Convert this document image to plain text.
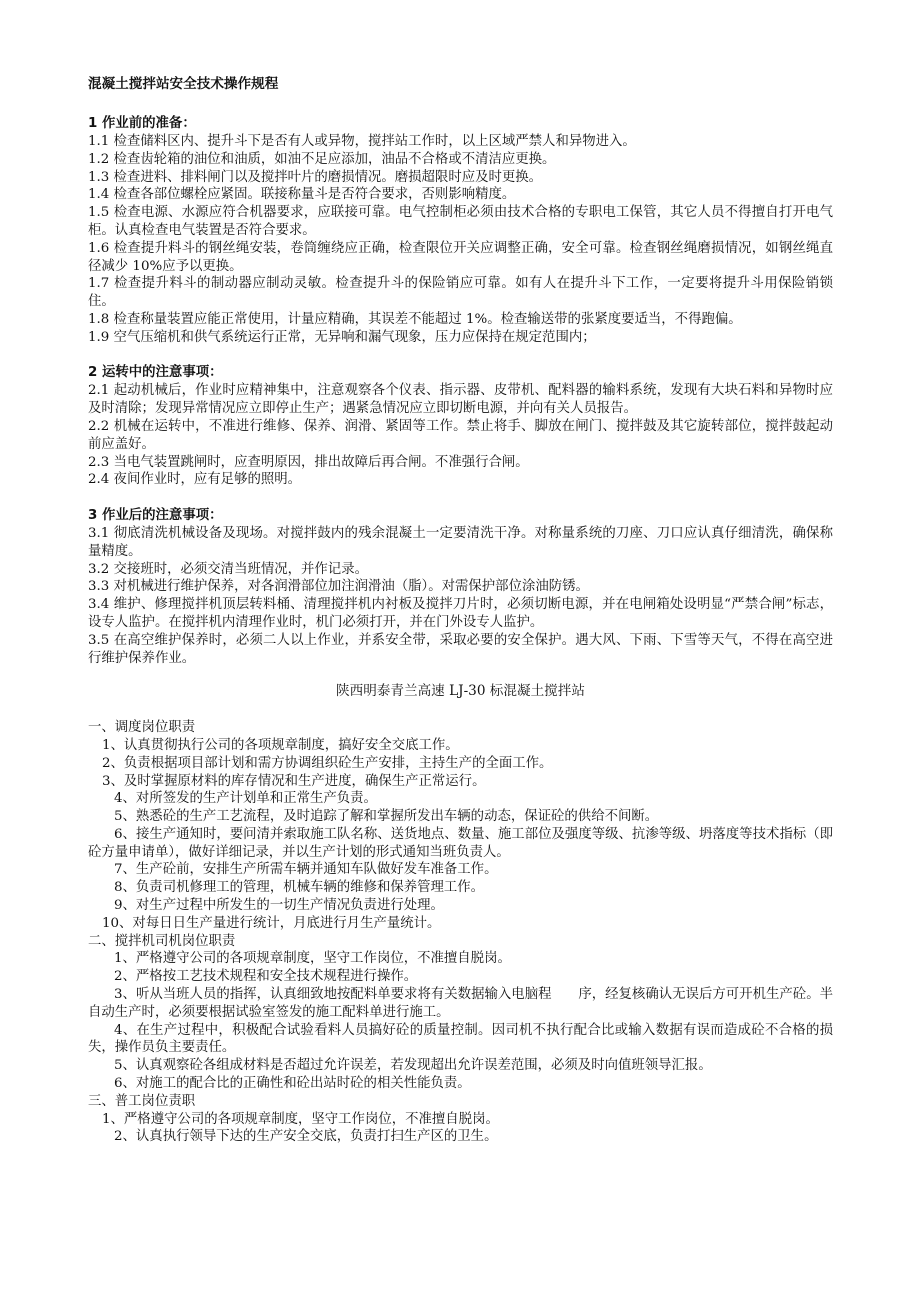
混凝土搅拌站安全技术操作规程
1 作业前的准备：

1.1 检查储料区内、提升斗下是否有人或异物，搅拌站工作时，以上区域严禁人和异物进入。

1.2 检查齿轮箱的油位和油质，如油不足应添加，油品不合格或不清洁应更换。

1.3 检查进料、排料闸门以及搅拌叶片的磨损情况。磨损超限时应及时更换。

1.4 检查各部位螺栓应紧固。联接称量斗是否符合要求，否则影响精度。

1.5 检查电源、水源应符合机器要求，应联接可靠。电气控制柜必须由技术合格的专职电工保管，其它人员不得擅自打开电气柜。认真检查电气装置是否符合要求。

1.6 检查提升料斗的钢丝绳安装，卷筒缠绕应正确，检查限位开关应调整正确，安全可靠。检查钢丝绳磨损情况，如钢丝绳直径减少 10%应予以更换。

1.7 检查提升料斗的制动器应制动灵敏。检查提升斗的保险销应可靠。如有人在提升斗下工作，一定要将提升斗用保险销锁住。

1.8 检查称量装置应能正常使用，计量应精确，其误差不能超过 1%。检查输送带的张紧度要适当，不得跑偏。

1.9 空气压缩机和供气系统运行正常，无异响和漏气现象，压力应保持在规定范围内；

2 运转中的注意事项：

2.1 起动机械后，作业时应精神集中，注意观察各个仪表、指示器、皮带机、配料器的输料系统，发现有大块石料和异物时应及时清除；发现异常情况应立即停止生产；遇紧急情况应立即切断电源，并向有关人员报告。

2.2 机械在运转中，不准进行维修、保养、润滑、紧固等工作。禁止将手、脚放在闸门、搅拌鼓及其它旋转部位，搅拌鼓起动前应盖好。

2.3 当电气装置跳闸时，应查明原因，排出故障后再合闸。不准强行合闸。

2.4 夜间作业时，应有足够的照明。

3 作业后的注意事项：

3.1 彻底清洗机械设备及现场。对搅拌鼓内的残余混凝土一定要清洗干净。对称量系统的刀座、刀口应认真仔细清洗，确保称量精度。

3.2 交接班时，必须交清当班情况，并作记录。

3.3 对机械进行维护保养，对各润滑部位加注润滑油（脂）。对需保护部位涂油防锈。

3.4 维护、修理搅拌机顶层转料桶、清理搅拌机内衬板及搅拌刀片时，必须切断电源，并在电闸箱处设明显“严禁合闸”标志，设专人监护。在搅拌机内清理作业时，机门必须打开，并在门外设专人监护。

3.5 在高空维护保养时，必须二人以上作业，并系安全带，采取必要的安全保护。遇大风、下雨、下雪等天气，不得在高空进行维护保养作业。

陕西明泰青兰高速 LJ-30 标混凝土搅拌站
一、调度岗位职责

1、认真贯彻执行公司的各项规章制度，搞好安全交底工作。

2、负责根据项目部计划和需方协调组织砼生产安排，主持生产的全面工作。

3、及时掌握原材料的库存情况和生产进度，确保生产正常运行。

4、对所签发的生产计划单和正常生产负责。

5、熟悉砼的生产工艺流程，及时追踪了解和掌握所发出车辆的动态，保证砼的供给不间断。

6、接生产通知时，要问清并索取施工队名称、送货地点、数量、施工部位及强度等级、抗渗等级、坍落度等技术指标（即砼方量申请单），做好详细记录，并以生产计划的形式通知当班负责人。

7、生产砼前，安排生产所需车辆并通知车队做好发车准备工作。

8、负责司机修理工的管理，机械车辆的维修和保养管理工作。

9、对生产过程中所发生的一切生产情况负责进行处理。

10、对每日日生产量进行统计，月底进行月生产量统计。

二、搅拌机司机岗位职责

1、严格遵守公司的各项规章制度，坚守工作岗位，不准擅自脱岗。

2、严格按工艺技术规程和安全技术规程进行操作。

3、听从当班人员的指挥，认真细致地按配料单要求将有关数据输入电脑程　　序，经复核确认无误后方可开机生产砼。半自动生产时，必须要根据试验室签发的施工配料单进行施工。

4、在生产过程中，积极配合试验看料人员搞好砼的质量控制。因司机不执行配合比或输入数据有误而造成砼不合格的损失，操作员负主要责任。

5、认真观察砼各组成材料是否超过允许误差，若发现超出允许误差范围，必须及时向值班领导汇报。

6、对施工的配合比的正确性和砼出站时砼的相关性能负责。

三、普工岗位责职

1、严格遵守公司的各项规章制度，坚守工作岗位，不准擅自脱岗。

2、认真执行领导下达的生产安全交底，负责打扫生产区的卫生。
